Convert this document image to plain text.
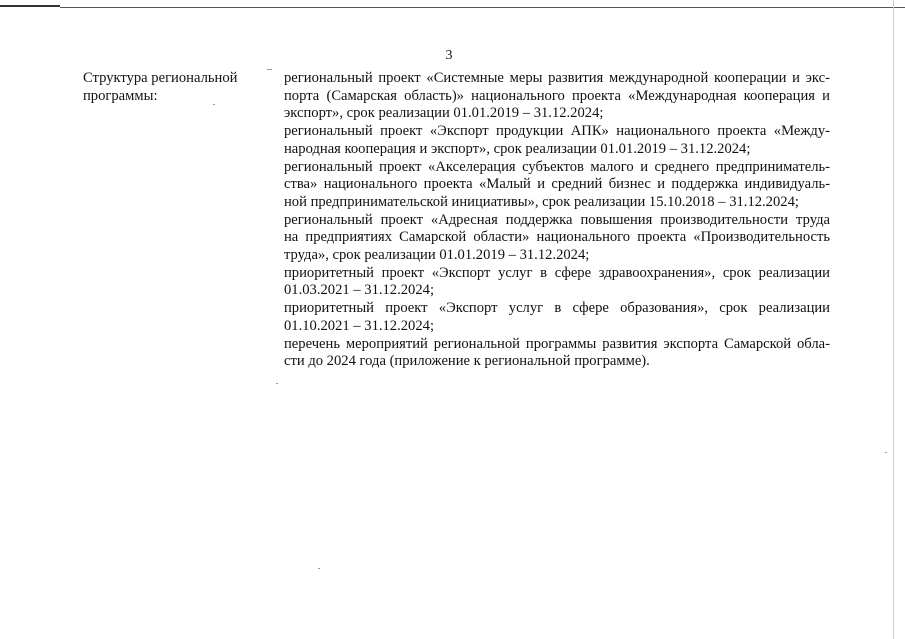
3
Структура региональной
программы:
региональный проект «Системные меры развития международной кооперации и экс-
порта (Самарская область)» национального проекта «Международная кооперация и
экспорт», срок реализации 01.01.2019 – 31.12.2024;
региональный проект «Экспорт продукции АПК» национального проекта «Между-
народная кооперация и экспорт», срок реализации 01.01.2019 – 31.12.2024;
региональный проект «Акселерация субъектов малого и среднего предприниматель-
ства» национального проекта «Малый и средний бизнес и поддержка индивидуаль-
ной предпринимательской инициативы», срок реализации 15.10.2018 – 31.12.2024;
региональный проект «Адресная поддержка повышения производительности труда
на предприятиях Самарской области» национального проекта «Производительность
труда», срок реализации 01.01.2019 – 31.12.2024;
приоритетный проект «Экспорт услуг в сфере здравоохранения», срок реализации
01.03.2021 – 31.12.2024;
приоритетный проект «Экспорт услуг в сфере образования», срок реализации
01.10.2021 – 31.12.2024;
перечень мероприятий региональной программы развития экспорта Самарской обла-
сти до 2024 года (приложение к региональной программе).
